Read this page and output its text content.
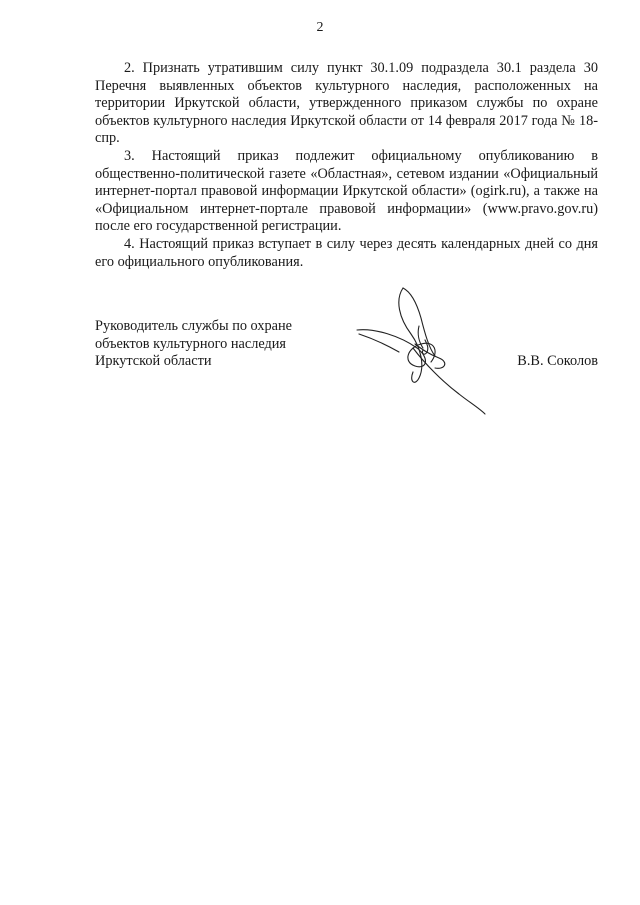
2

2. Признать утратившим силу пункт 30.1.09 подраздела 30.1 раздела 30 Перечня выявленных объектов культурного наследия, расположенных на территории Иркутской области, утвержденного приказом службы по охране объектов культурного наследия Иркутской области от 14 февраля 2017 года № 18-спр.

3. Настоящий приказ подлежит официальному опубликованию в общественно-политической газете «Областная», сетевом издании «Официальный интернет-портал правовой информации Иркутской области» (ogirk.ru), а также на «Официальном интернет-портале правовой информации» (www.pravo.gov.ru) после его государственной регистрации.

4. Настоящий приказ вступает в силу через десять календарных дней со дня его официального опубликования.

Руководитель службы по охране
объектов культурного наследия
Иркутской области	В.В. Соколов
